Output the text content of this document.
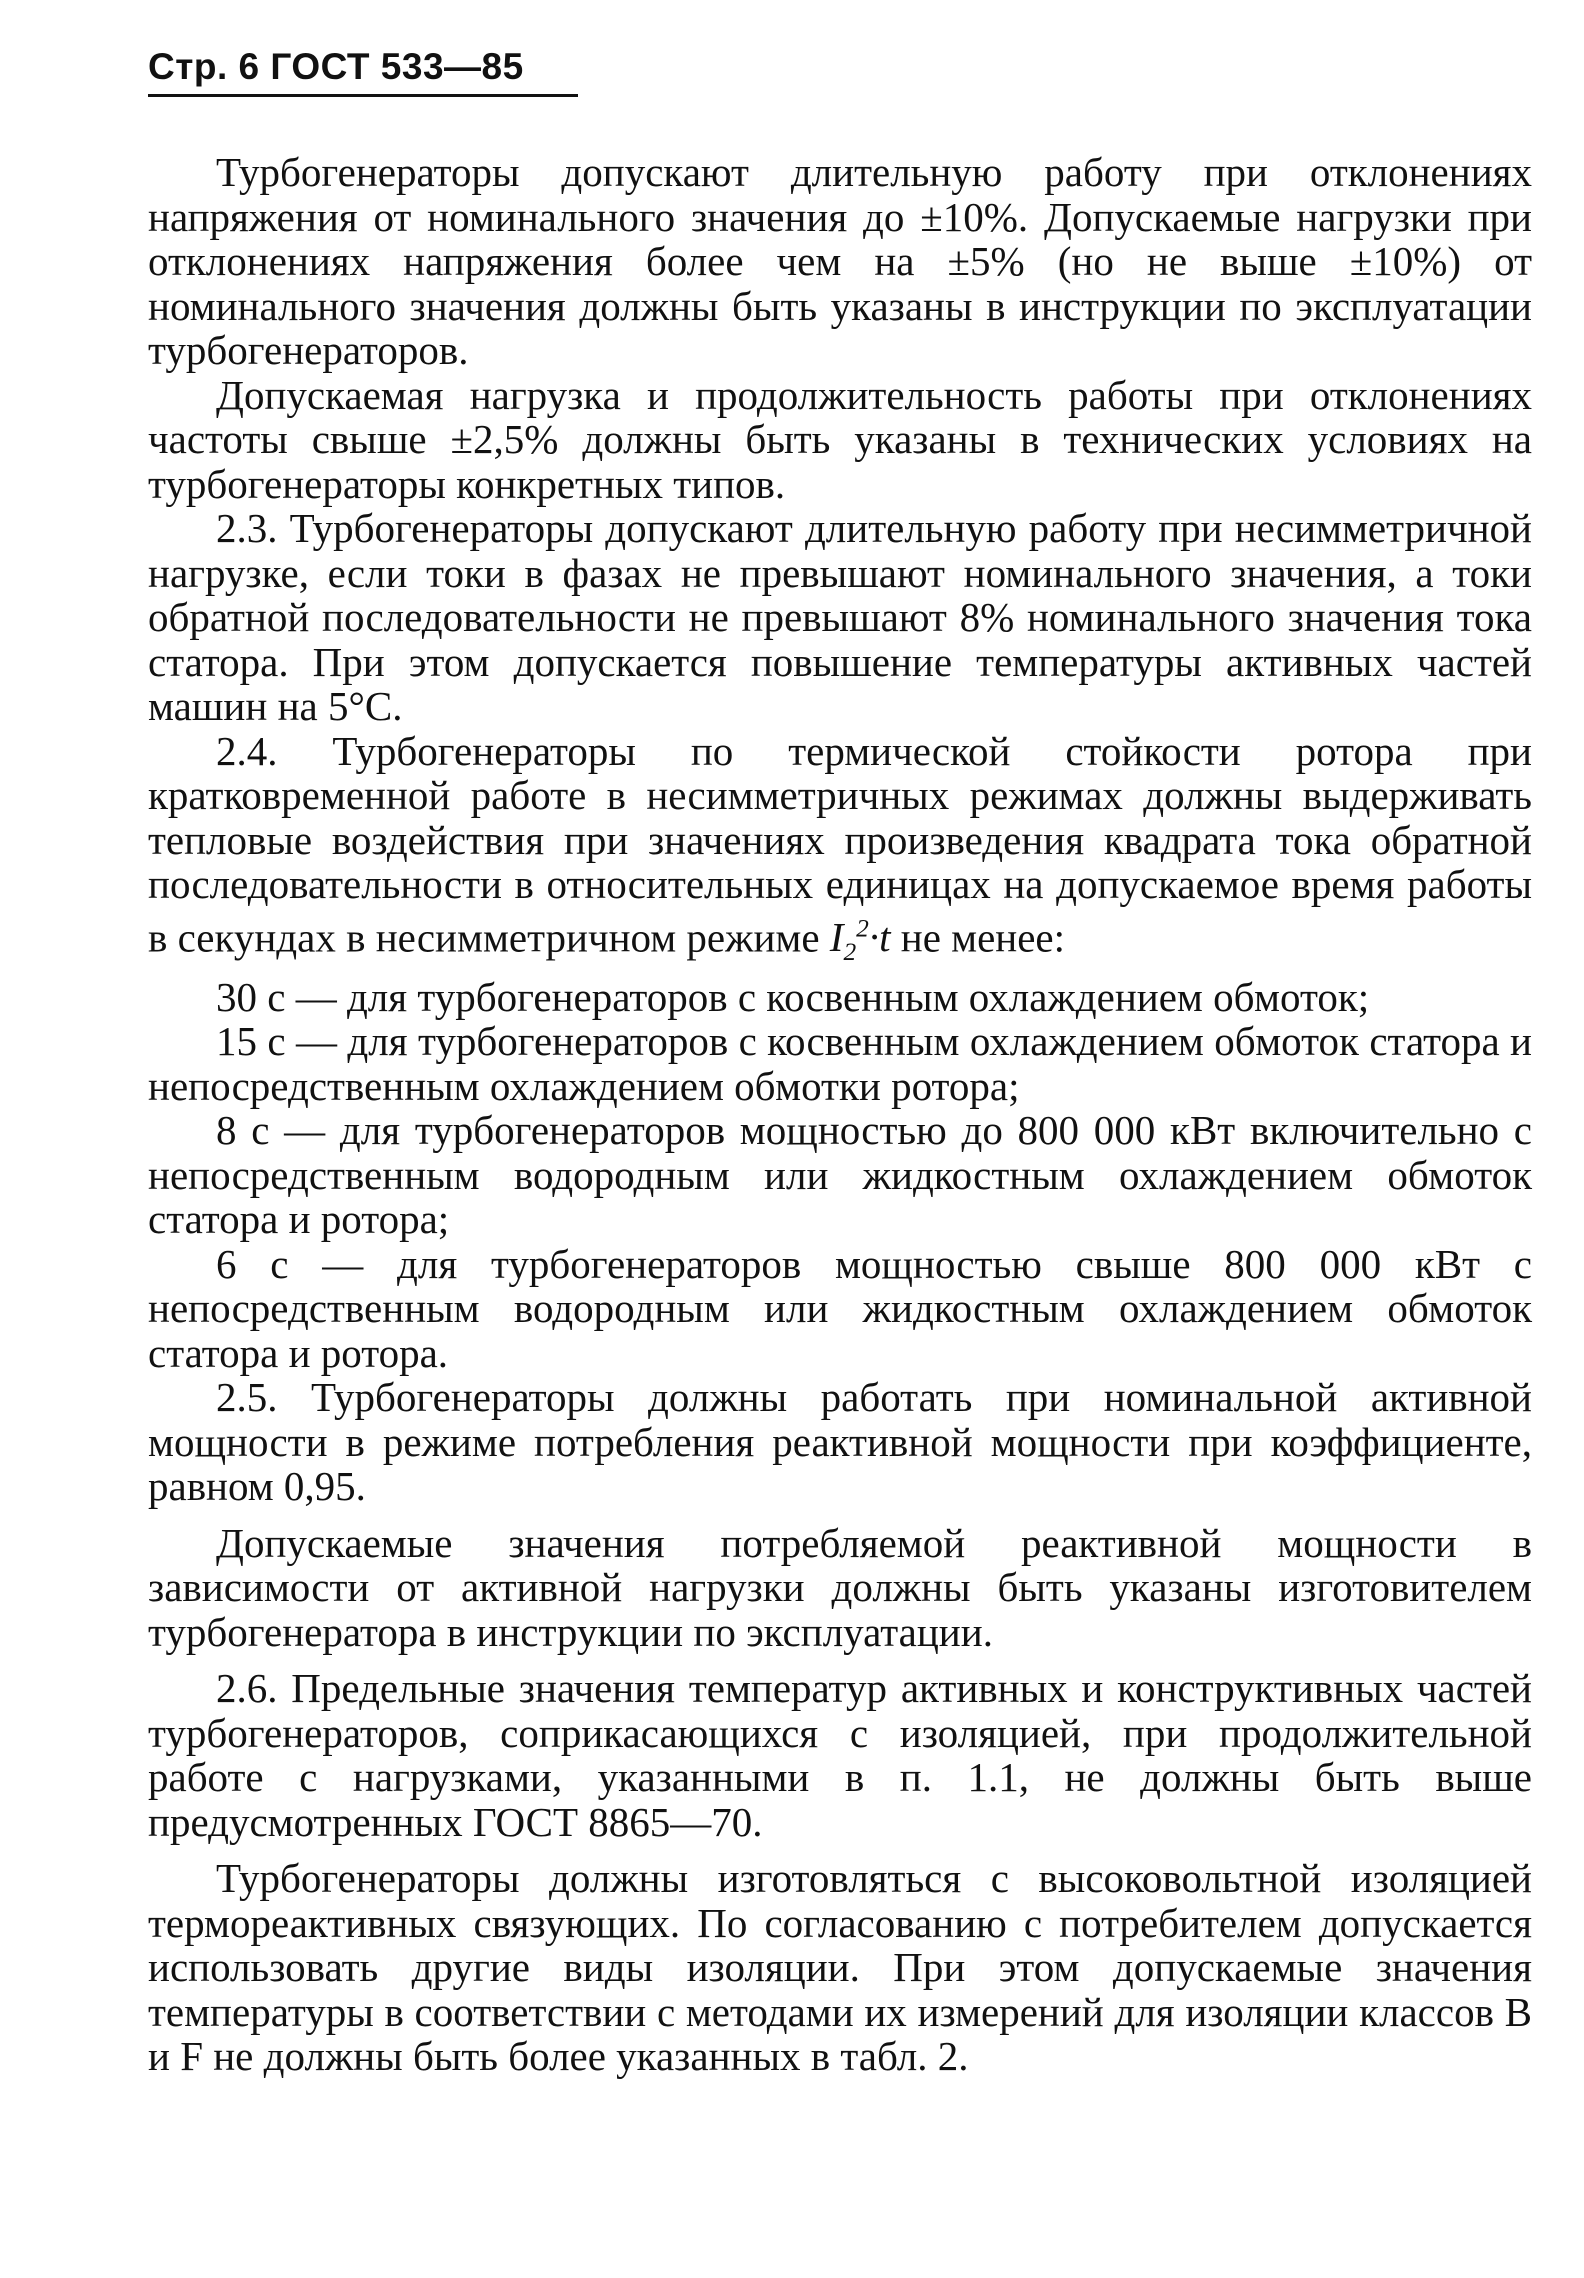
Стр. 6 ГОСТ 533—85

Турбогенераторы допускают длительную работу при отклонениях напряжения от номинального значения до ±10%. Допускаемые нагрузки при отклонениях напряжения более чем на ±5% (но не выше ±10%) от номинального значения должны быть указаны в инструкции по эксплуатации турбогенераторов.

Допускаемая нагрузка и продолжительность работы при отклонениях частоты свыше ±2,5% должны быть указаны в технических условиях на турбогенераторы конкретных типов.

2.3. Турбогенераторы допускают длительную работу при несимметричной нагрузке, если токи в фазах не превышают номинального значения, а токи обратной последовательности не превышают 8% номинального значения тока статора. При этом допускается повышение температуры активных частей машин на 5°С.

2.4. Турбогенераторы по термической стойкости ротора при кратковременной работе в несимметричных режимах должны выдерживать тепловые воздействия при значениях произведения квадрата тока обратной последовательности в относительных единицах на допускаемое время работы в секундах в несимметричном режиме $I_2^2\cdot t$ не менее:

30 с — для турбогенераторов с косвенным охлаждением обмоток;

15 с — для турбогенераторов с косвенным охлаждением обмоток статора и непосредственным охлаждением обмотки ротора;

8 с — для турбогенераторов мощностью до 800 000 кВт включительно с непосредственным водородным или жидкостным охлаждением обмоток статора и ротора;

6 с — для турбогенераторов мощностью свыше 800 000 кВт с непосредственным водородным или жидкостным охлаждением обмоток статора и ротора.

2.5. Турбогенераторы должны работать при номинальной активной мощности в режиме потребления реактивной мощности при коэффициенте, равном 0,95.

Допускаемые значения потребляемой реактивной мощности в зависимости от активной нагрузки должны быть указаны изготовителем турбогенератора в инструкции по эксплуатации.

2.6. Предельные значения температур активных и конструктивных частей турбогенераторов, соприкасающихся с изоляцией, при продолжительной работе с нагрузками, указанными в п. 1.1, не должны быть выше предусмотренных ГОСТ 8865—70.

Турбогенераторы должны изготовляться с высоковольтной изоляцией термореактивных связующих. По согласованию с потребителем допускается использовать другие виды изоляции. При этом допускаемые значения температуры в соответствии с методами их измерений для изоляции классов В и F не должны быть более указанных в табл. 2.
